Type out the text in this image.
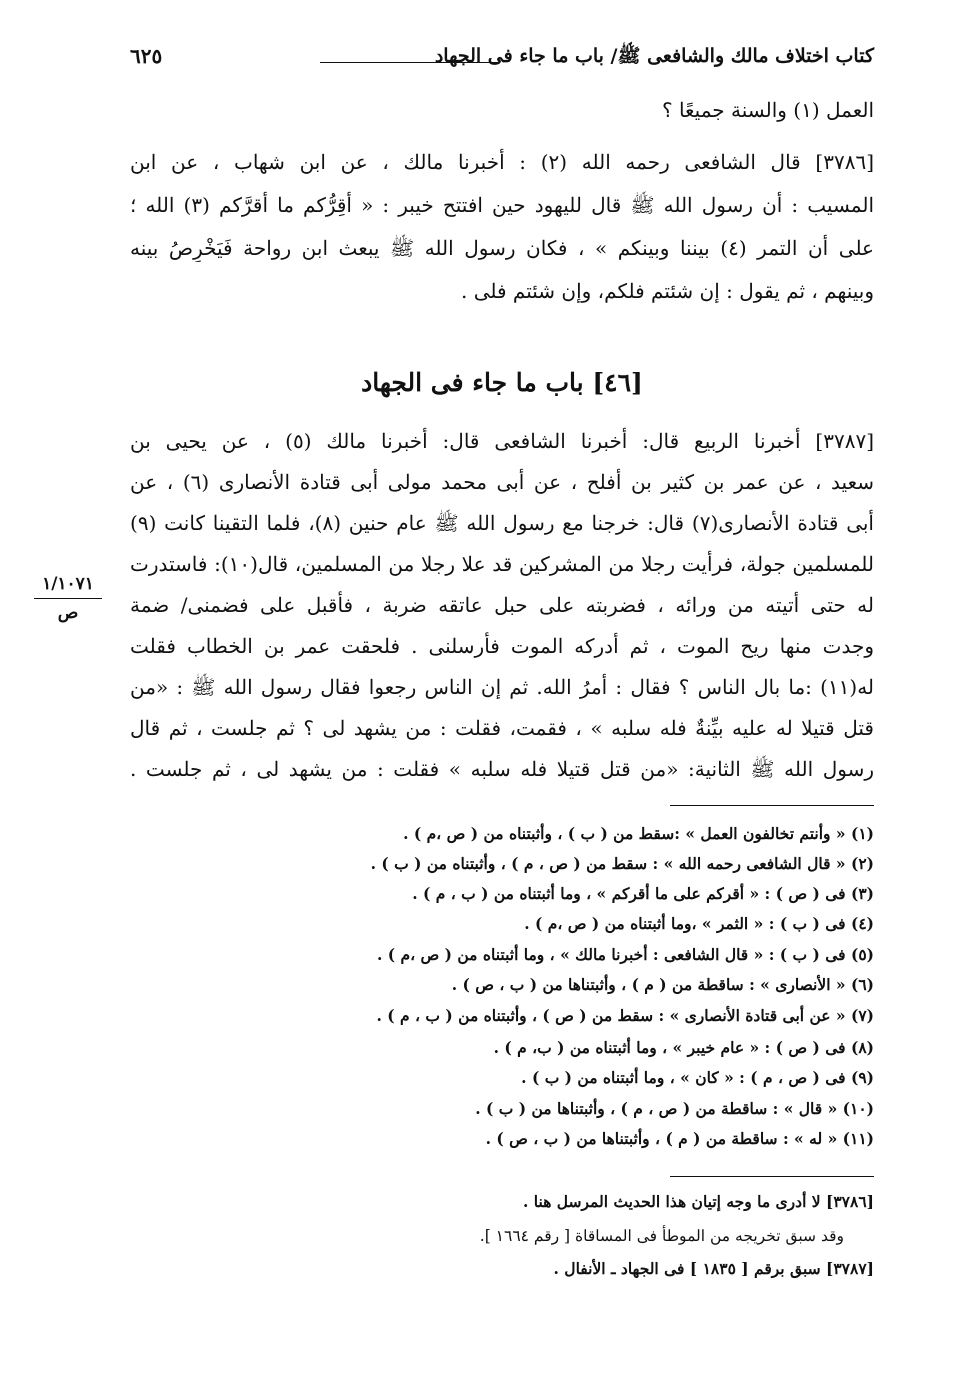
كتاب اختلاف مالك والشافعى ﷺ/ باب ما جاء فى الجهاد
٦٢٥
العمل (١) والسنة جميعًا ؟
[٣٧٨٦] قال الشافعى رحمه الله (٢) : أخبرنا مالك ، عن ابن شهاب ، عن ابن
المسيب : أن رسول الله ﷺ قال لليهود حين افتتح خيبر : « أقِرُّكم ما أقرَّكم (٣) الله ؛
على أن التمر (٤) بيننا وبينكم » ، فكان رسول الله ﷺ يبعث ابن رواحة فَيَخْرِصُ بينه
وبينهم ، ثم يقول : إن شئتم فلكم، وإن شئتم فلى .
[٤٦] باب ما جاء فى الجهاد
[٣٧٨٧] أخبرنا الربيع قال: أخبرنا الشافعى قال: أخبرنا مالك (٥) ، عن يحيى بن
سعيد ، عن عمر بن كثير بن أفلح ، عن أبى محمد مولى أبى قتادة الأنصارى (٦) ، عن
أبى قتادة الأنصارى(٧) قال: خرجنا مع رسول الله ﷺ عام حنين (٨)، فلما التقينا كانت (٩)
للمسلمين جولة، فرأيت رجلا من المشركين قد علا رجلا من المسلمين، قال(١٠): فاستدرت
له حتى أتيته من ورائه ، فضربته على حبل عاتقه ضربة ، فأقبل على فضمنى/ ضمة
وجدت منها ريح الموت ، ثم أدركه الموت فأرسلنى . فلحقت عمر بن الخطاب فقلت
له(١١) :ما بال الناس ؟ فقال : أمرُ الله. ثم إن الناس رجعوا فقال رسول الله ﷺ : «من
قتل قتيلا له عليه بيِّنةٌ فله سلبه » ، فقمت، فقلت : من يشهد لى ؟ ثم جلست ، ثم قال
رسول الله ﷺ الثانية: «من قتل قتيلا فله سلبه » فقلت : من يشهد لى ، ثم جلست .
١/١٠٧١
ص
(١) « وأنتم تخالفون العمل » :سقط من ( ب ) ، وأثبتناه من ( ص ،م ) .
(٢) « قال الشافعى رحمه الله » : سقط من ( ص ، م ) ، وأثبتناه من ( ب ) .
(٣) فى ( ص ) : « أقركم على ما أقركم » ، وما أثبتناه من ( ب ، م ) .
(٤) فى ( ب ) : « الثمر » ،وما أثبتناه من ( ص ،م ) .
(٥) فى ( ب ) : « قال الشافعى : أخبرنا مالك » ، وما أثبتناه من ( ص ،م ) .
(٦) « الأنصارى » : ساقطة من ( م ) ، وأثبتناها من ( ب ، ص ) .
(٧) « عن أبى قتادة الأنصارى » : سقط من ( ص ) ، وأثبتناه من ( ب ، م ) .
(٨) فى ( ص ) : « عام خيبر » ، وما أثبتناه من ( ب، م ) .
(٩) فى ( ص ، م ) : « كان » ، وما أثبتناه من ( ب ) .
(١٠) « قال » : ساقطة من ( ص ، م ) ، وأثبتناها من ( ب ) .
(١١) « له » : ساقطة من ( م ) ، وأثبتناها من ( ب ، ص ) .
[٣٧٨٦] لا أدرى ما وجه إتيان هذا الحديث المرسل هنا .
وقد سبق تخريجه من الموطأ فى المساقاة [ رقم ١٦٦٤ ].
[٣٧٨٧] سبق برقم [ ١٨٣٥ ] فى الجهاد ـ الأنفال .
